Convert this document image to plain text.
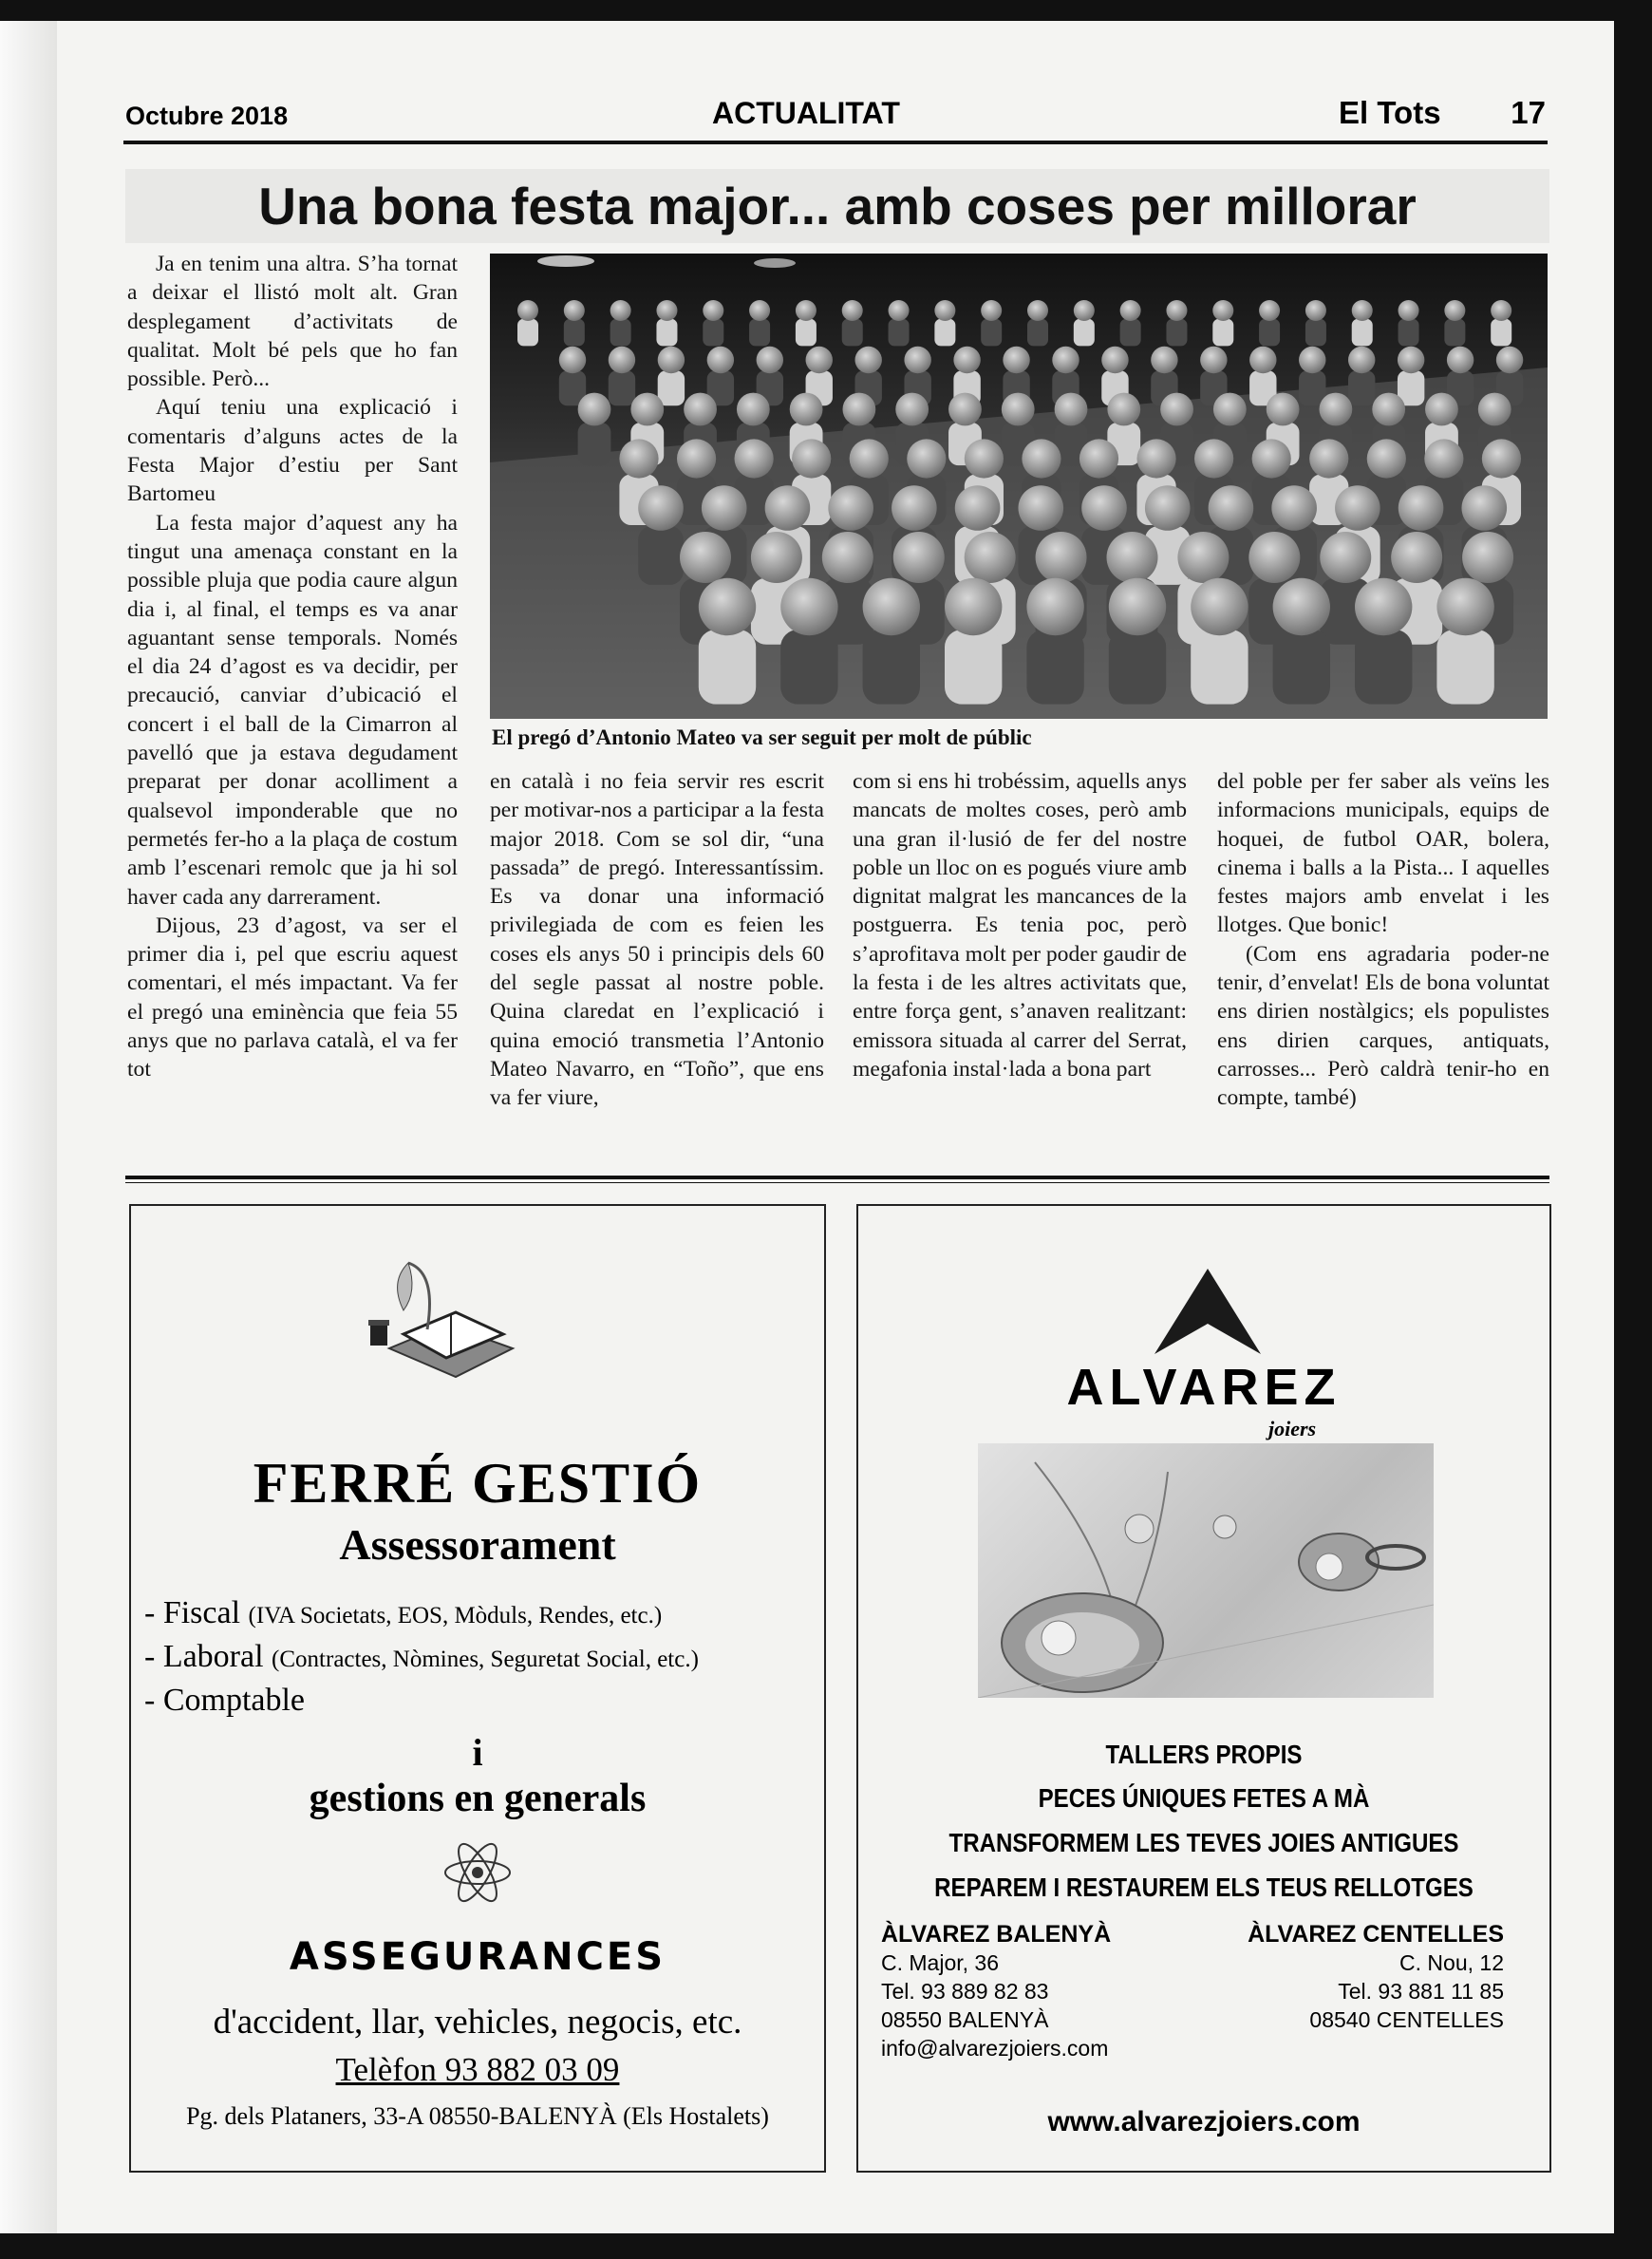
Octubre 2018	ACTUALITAT	El Tots 17
Una bona festa major... amb coses per millorar

Ja en tenim una altra. S’ha tornat a deixar el llistó molt alt. Gran desplegament d’activitats de qualitat. Molt bé pels que ho fan possible. Però...

Aquí teniu una explicació i comentaris d’alguns actes de la Festa Major d’estiu per Sant Bartomeu

La festa major d’aquest any ha tingut una amenaça constant en la possible pluja que podia caure algun dia i, al final, el temps es va anar aguantant sense temporals. Només el dia 24 d’agost es va decidir, per precaució, canviar d’ubicació el concert i el ball de la Cimarron al pavelló que ja estava degudament preparat per donar acolliment a qualsevol imponderable que no permetés fer-ho a la plaça de costum amb l’escenari remolc que ja hi sol haver cada any darrerament.

Dijous, 23 d’agost, va ser el primer dia i, pel que escriu aquest comentari, el més impactant. Va fer el pregó una eminència que feia 55 anys que no parlava català, el va fer tot

El pregó d’Antonio Mateo va ser seguit per molt de públic

en català i no feia servir res escrit per motivar-nos a participar a la festa major 2018. Com se sol dir, “una passada” de pregó. Interessantíssim. Es va donar una informació privilegiada de com es feien les coses els anys 50 i principis dels 60 del segle passat al nostre poble. Quina claredat en l’explicació i quina emoció transmetia l’Antonio Mateo Navarro, en “Toño”, que ens va fer viure,

com si ens hi trobéssim, aquells anys mancats de moltes coses, però amb una gran il·lusió de fer del nostre poble un lloc on es pogués viure amb dignitat malgrat les mancances de la postguerra. Es tenia poc, però s’aprofitava molt per poder gaudir de la festa i de les altres activitats que, entre força gent, s’anaven realitzant: emissora situada al carrer del Serrat, megafonia instal·lada a bona part

del poble per fer saber als veïns les informacions municipals, equips de hoquei, de futbol OAR, bolera, cinema i balls a la Pista... I aquelles festes majors amb envelat i les llotges. Que bonic!

(Com ens agradaria poder-ne tenir, d’envelat! Els de bona voluntat ens dirien nostàlgics; els populistes ens dirien carques, antiquats, carrosses... Però caldrà tenir-ho en compte, també)

FERRÉ GESTIÓ
Assessorament
- Fiscal (IVA Societats, EOS, Mòduls, Rendes, etc.)
- Laboral (Contractes, Nòmines, Seguretat Social, etc.)
- Comptable
i
gestions en generals
ASSEGURANCES
d'accident, llar, vehicles, negocis, etc.
Telèfon 93 882 03 09
Pg. dels Plataners, 33-A 08550-BALENYÀ (Els Hostalets)
ALVAREZ
joiers
TALLERS PROPIS
PECES ÚNIQUES FETES A MÀ
TRANSFORMEM LES TEVES JOIES ANTIGUES
REPAREM I RESTAUREM ELS TEUS RELLOTGES
ÀLVAREZ BALENYÀ
C. Major, 36
Tel. 93 889 82 83
08550 BALENYÀ
info@alvarezjoiers.com
ÀLVAREZ CENTELLES
C. Nou, 12
Tel. 93 881 11 85
08540 CENTELLES
www.alvarezjoiers.com
